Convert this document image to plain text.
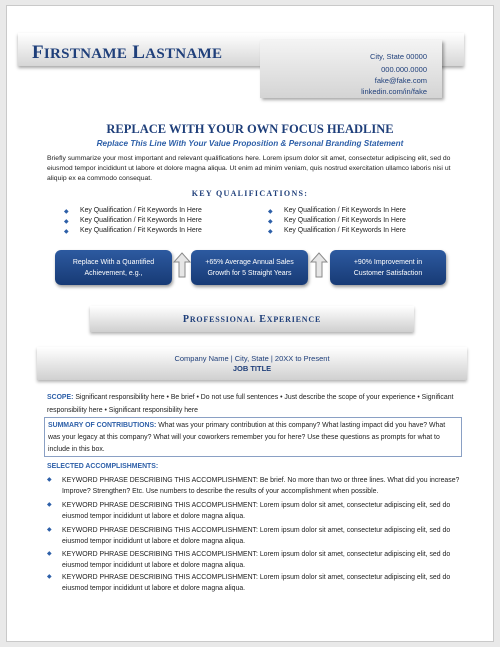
FIRSTNAME LASTNAME	City, State 00000
000.000.0000
fake@fake.com
linkedin.com/in/fake
REPLACE WITH YOUR OWN FOCUS HEADLINE
Replace This Line With Your Value Proposition & Personal Branding Statement
Briefly summarize your most important and relevant qualifications here. Lorem ipsum dolor sit amet, consectetur adipiscing elit, sed do eiusmod tempor incididunt ut labore et dolore magna aliqua. Ut enim ad minim veniam, quis nostrud exercitation ullamco laboris nisi ut aliquip ex ea commodo consequat.
KEY QUALIFICATIONS:
◆ Key Qualification / Fit Keywords In Here
◆ Key Qualification / Fit Keywords In Here
◆ Key Qualification / Fit Keywords In Here
◆ Key Qualification / Fit Keywords In Here
◆ Key Qualification / Fit Keywords In Here
◆ Key Qualification / Fit Keywords In Here
Replace With a Quantified
Achievement, e.g.,
+65% Average Annual Sales
Growth for 5 Straight Years
+90% Improvement in
Customer Satisfaction
P ROFESSIONAL
E XPERIENCE
Company Name | City, State | 20XX to Present
JOB TITLE
SCOPE: Significant responsibility here • Be brief • Do not use full sentences • Just describe the scope of your experience • Significant responsibility here • Significant responsibility here
SUMMARY OF CONTRIBUTIONS: What was your primary contribution at this company? What lasting impact did you have? What was your legacy at this company? What will your coworkers remember you for here? Use these questions as prompts for what to include in this box.
SELECTED ACCOMPLISHMENTS:
◆ KEYWORD PHRASE DESCRIBING THIS ACCOMPLISHMENT: Be brief. No more than two or three lines. What did you increase? Improve? Strengthen? Etc. Use numbers to describe the results of your accomplishment when possible.
◆ KEYWORD PHRASE DESCRIBING THIS ACCOMPLISHMENT: Lorem ipsum dolor sit amet, consectetur adipiscing elit, sed do eiusmod tempor incididunt ut labore et dolore magna aliqua.
◆ KEYWORD PHRASE DESCRIBING THIS ACCOMPLISHMENT: Lorem ipsum dolor sit amet, consectetur adipiscing elit, sed do eiusmod tempor incididunt ut labore et dolore magna aliqua.
◆ KEYWORD PHRASE DESCRIBING THIS ACCOMPLISHMENT: Lorem ipsum dolor sit amet, consectetur adipiscing elit, sed do eiusmod tempor incididunt ut labore et dolore magna aliqua.
◆ KEYWORD PHRASE DESCRIBING THIS ACCOMPLISHMENT: Lorem ipsum dolor sit amet, consectetur adipiscing elit, sed do eiusmod tempor incididunt ut labore et dolore magna aliqua.
